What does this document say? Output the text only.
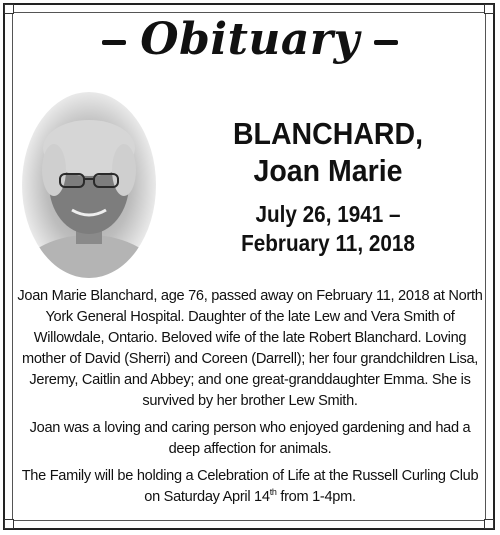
Obituary
BLANCHARD,
Joan Marie
July 26, 1941 –
February 11, 2018

Joan Marie Blanchard, age 76, passed away on February 11, 2018 at North York General Hospital. Daughter of the late Lew and Vera Smith of Willowdale, Ontario. Beloved wife of the late Robert Blanchard. Loving mother of David (Sherri) and Coreen (Darrell); her four grandchildren Lisa, Jeremy, Caitlin and Abbey; and one great-granddaughter Emma. She is survived by her brother Lew Smith.

Joan was a loving and caring person who enjoyed gardening and had a deep affection for animals.

The Family will be holding a Celebration of Life at the Russell Curling Club on Saturday April 14th from 1-4pm.
